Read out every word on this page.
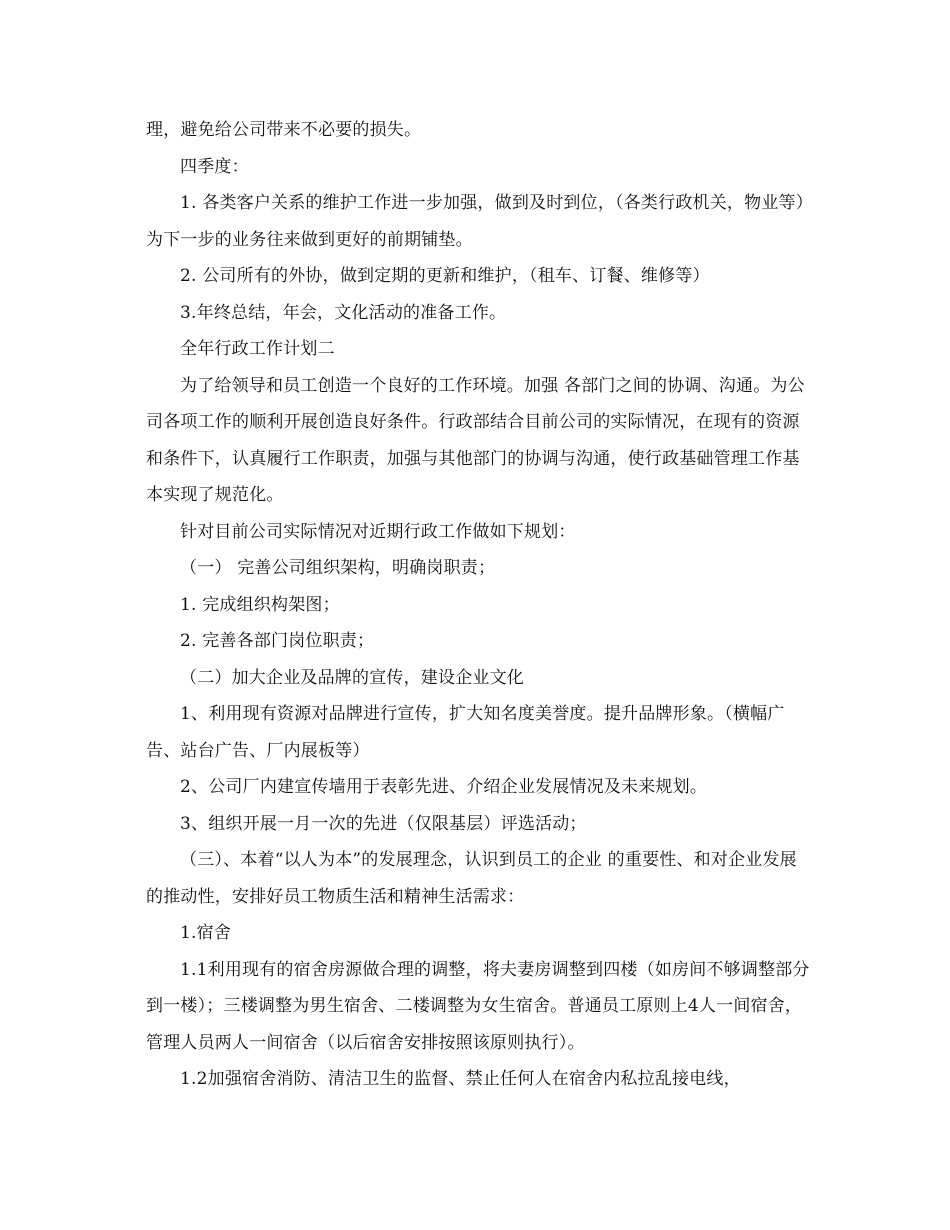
理，避免给公司带来不必要的损失。

四季度：

1. 各类客户关系的维护工作进一步加强，做到及时到位，（各类行政机关，物业等）为下一步的业务往来做到更好的前期铺垫。

2. 公司所有的外协，做到定期的更新和维护，（租车、订餐、维修等）

3.年终总结，年会，文化活动的准备工作。

全年行政工作计划二

为了给领导和员工创造一个良好的工作环境。加强 各部门之间的协调、沟通。为公司各项工作的顺利开展创造良好条件。行政部结合目前公司的实际情况，在现有的资源和条件下，认真履行工作职责，加强与其他部门的协调与沟通，使行政基础管理工作基本实现了规范化。

针对目前公司实际情况对近期行政工作做如下规划：

（一） 完善公司组织架构，明确岗职责；

1. 完成组织构架图；

2. 完善各部门岗位职责；

（二）加大企业及品牌的宣传，建设企业文化

1、利用现有资源对品牌进行宣传，扩大知名度美誉度。提升品牌形象。（横幅广告、站台广告、厂内展板等）

2、公司厂内建宣传墙用于表彰先进、介绍企业发展情况及未来规划。

3、组织开展一月一次的先进（仅限基层）评选活动；

（三）、本着“以人为本”的发展理念，认识到员工的企业 的重要性、和对企业发展的推动性，安排好员工物质生活和精神生活需求：

1.宿舍

1.1利用现有的宿舍房源做合理的调整，将夫妻房调整到四楼（如房间不够调整部分到一楼）；三楼调整为男生宿舍、二楼调整为女生宿舍。普通员工原则上4人一间宿舍，管理人员两人一间宿舍（以后宿舍安排按照该原则执行）。

1.2加强宿舍消防、清洁卫生的监督、禁止任何人在宿舍内私拉乱接电线，
